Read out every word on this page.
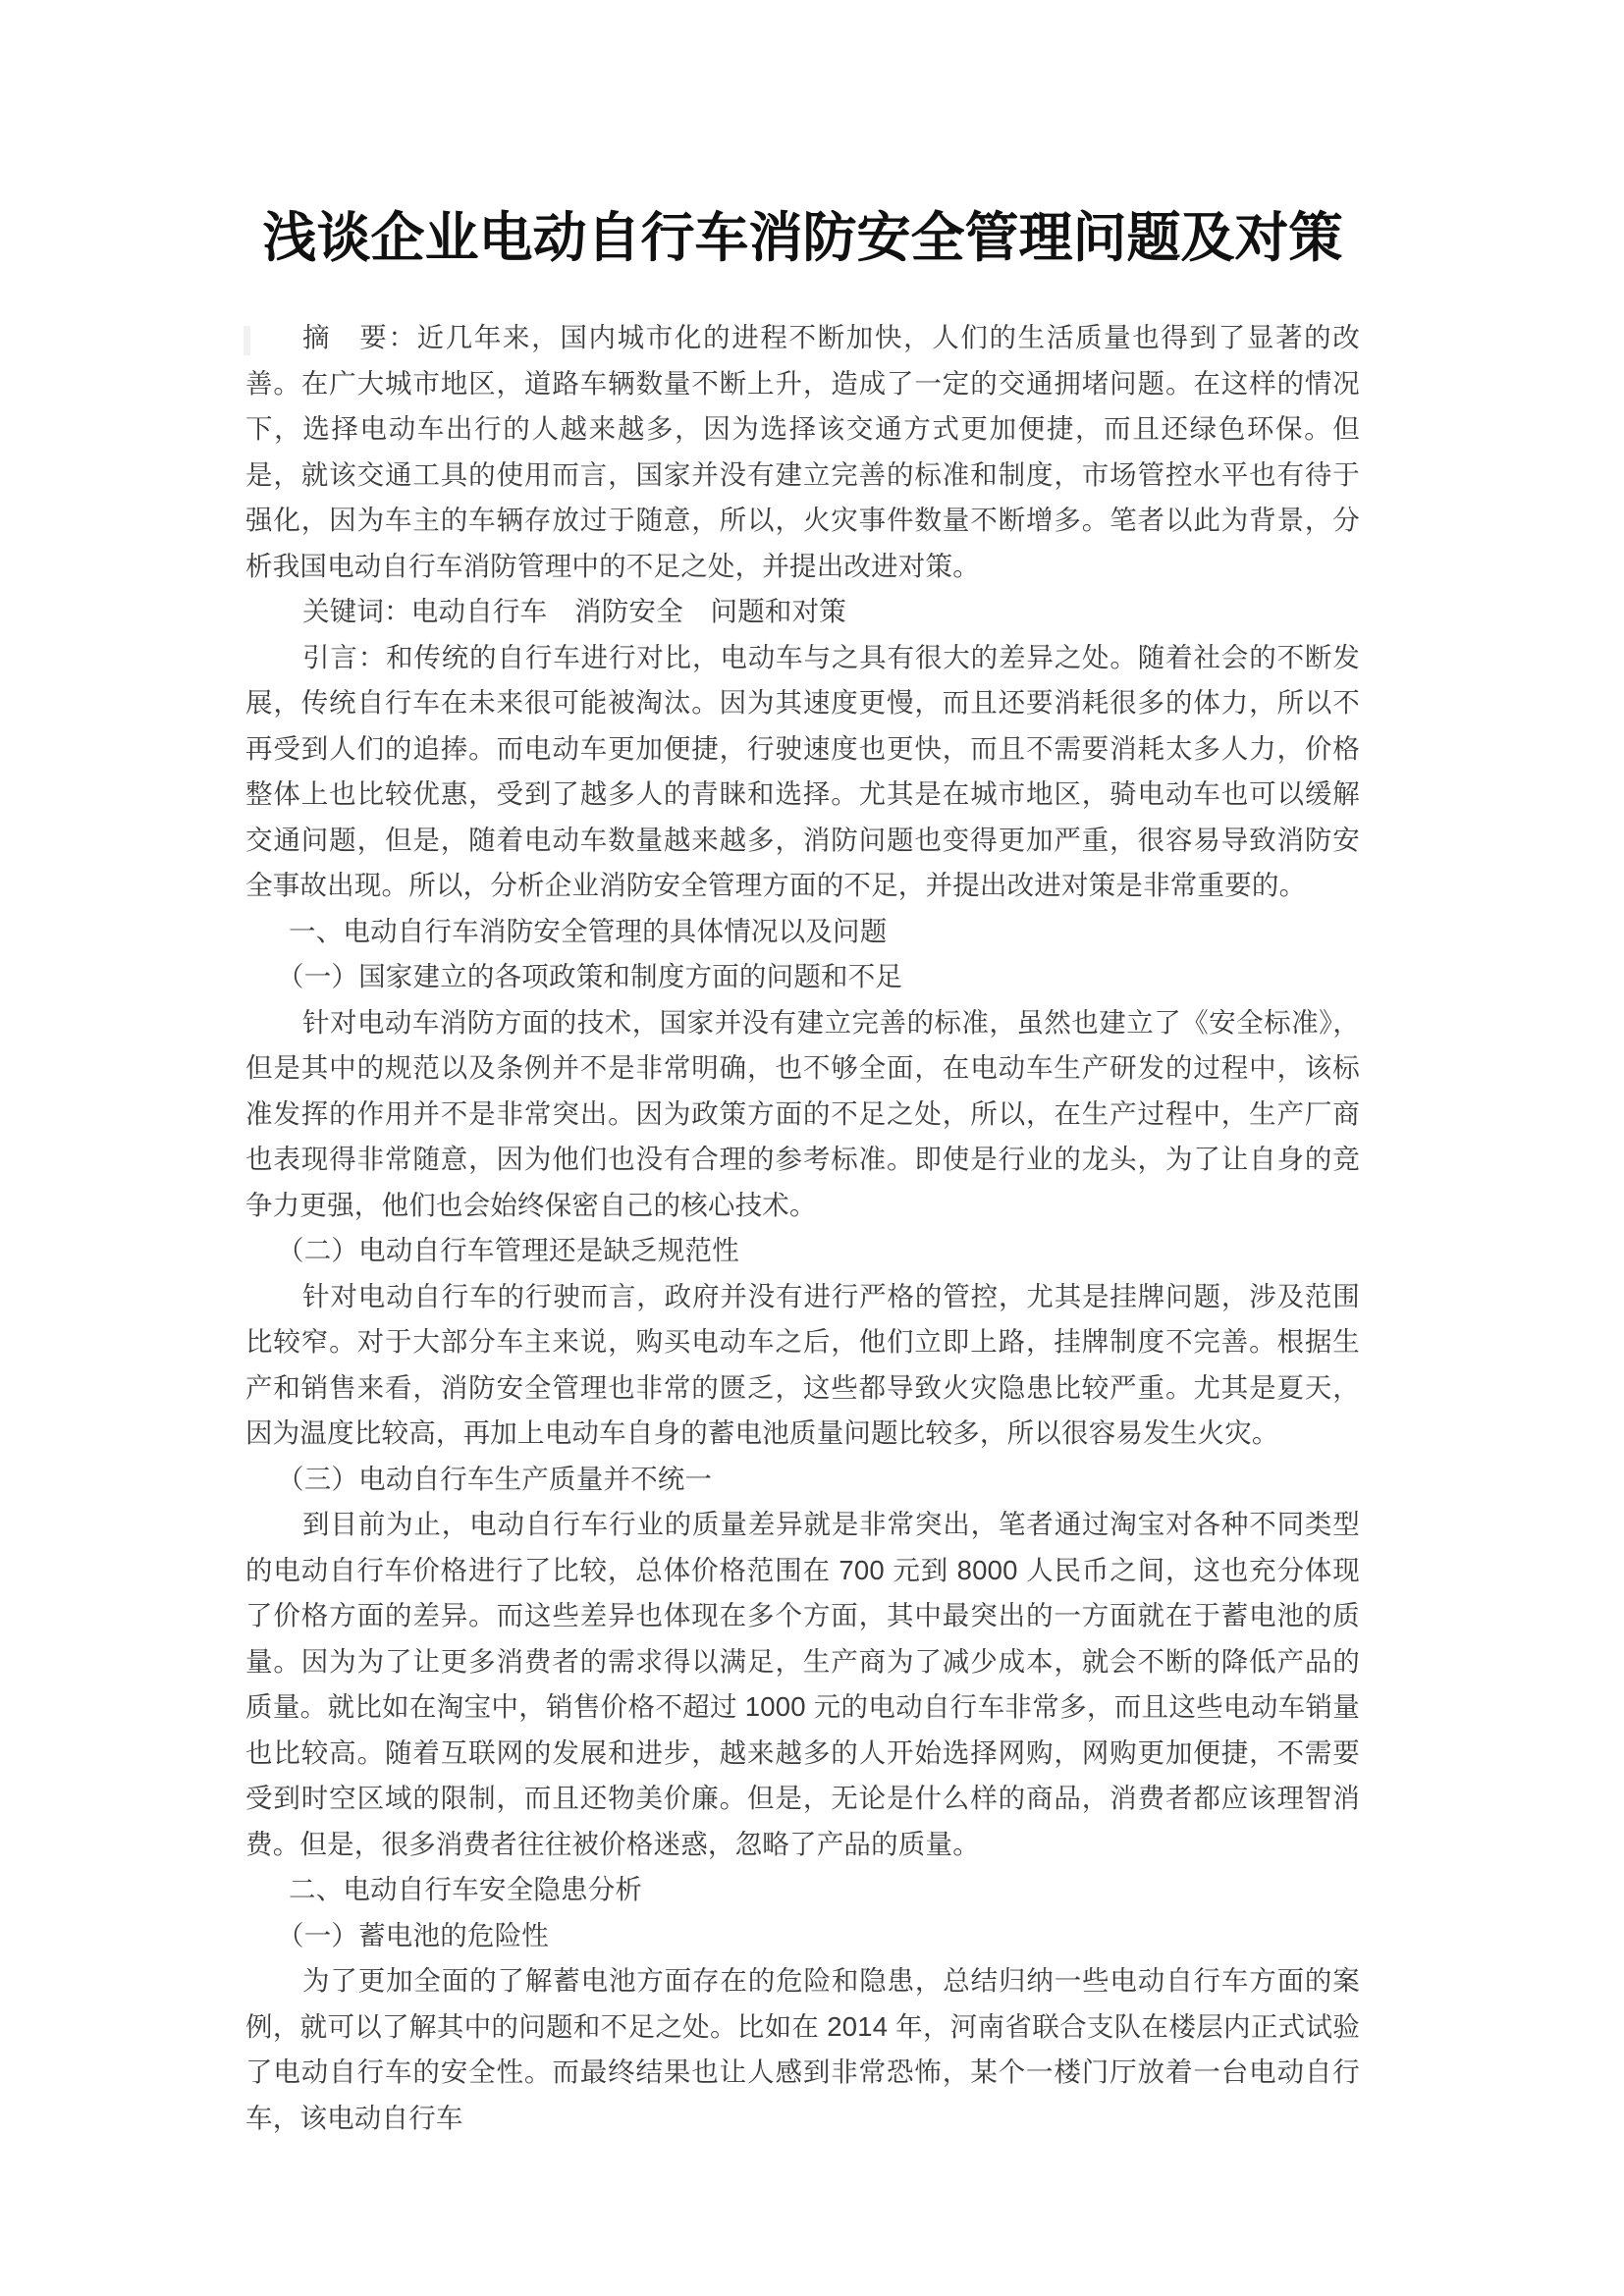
浅谈企业电动自行车消防安全管理问题及对策

摘　要：近几年来，国内城市化的进程不断加快，人们的生活质量也得到了显著的改善。在广大城市地区，道路车辆数量不断上升，造成了一定的交通拥堵问题。在这样的情况下，选择电动车出行的人越来越多，因为选择该交通方式更加便捷，而且还绿色环保。但是，就该交通工具的使用而言，国家并没有建立完善的标准和制度，市场管控水平也有待于强化，因为车主的车辆存放过于随意，所以，火灾事件数量不断增多。笔者以此为背景，分析我国电动自行车消防管理中的不足之处，并提出改进对策。

关键词：电动自行车　消防安全　问题和对策

引言：和传统的自行车进行对比，电动车与之具有很大的差异之处。随着社会的不断发展，传统自行车在未来很可能被淘汰。因为其速度更慢，而且还要消耗很多的体力，所以不再受到人们的追捧。而电动车更加便捷，行驶速度也更快，而且不需要消耗太多人力，价格整体上也比较优惠，受到了越多人的青睐和选择。尤其是在城市地区，骑电动车也可以缓解交通问题，但是，随着电动车数量越来越多，消防问题也变得更加严重，很容易导致消防安全事故出现。所以，分析企业消防安全管理方面的不足，并提出改进对策是非常重要的。

一、电动自行车消防安全管理的具体情况以及问题

（一）国家建立的各项政策和制度方面的问题和不足

针对电动车消防方面的技术，国家并没有建立完善的标准，虽然也建立了《安全标准》，但是其中的规范以及条例并不是非常明确，也不够全面，在电动车生产研发的过程中，该标准发挥的作用并不是非常突出。因为政策方面的不足之处，所以，在生产过程中，生产厂商也表现得非常随意，因为他们也没有合理的参考标准。即使是行业的龙头，为了让自身的竞争力更强，他们也会始终保密自己的核心技术。

（二）电动自行车管理还是缺乏规范性

针对电动自行车的行驶而言，政府并没有进行严格的管控，尤其是挂牌问题，涉及范围比较窄。对于大部分车主来说，购买电动车之后，他们立即上路，挂牌制度不完善。根据生产和销售来看，消防安全管理也非常的匮乏，这些都导致火灾隐患比较严重。尤其是夏天，因为温度比较高，再加上电动车自身的蓄电池质量问题比较多，所以很容易发生火灾。

（三）电动自行车生产质量并不统一

到目前为止，电动自行车行业的质量差异就是非常突出，笔者通过淘宝对各种不同类型的电动自行车价格进行了比较，总体价格范围在 700 元到 8000 人民币之间，这也充分体现了价格方面的差异。而这些差异也体现在多个方面，其中最突出的一方面就在于蓄电池的质量。因为为了让更多消费者的需求得以满足，生产商为了减少成本，就会不断的降低产品的质量。就比如在淘宝中，销售价格不超过 1000 元的电动自行车非常多，而且这些电动车销量也比较高。随着互联网的发展和进步，越来越多的人开始选择网购，网购更加便捷，不需要受到时空区域的限制，而且还物美价廉。但是，无论是什么样的商品，消费者都应该理智消费。但是，很多消费者往往被价格迷惑，忽略了产品的质量。

二、电动自行车安全隐患分析

（一）蓄电池的危险性

为了更加全面的了解蓄电池方面存在的危险和隐患，总结归纳一些电动自行车方面的案例，就可以了解其中的问题和不足之处。比如在 2014 年，河南省联合支队在楼层内正式试验了电动自行车的安全性。而最终结果也让人感到非常恐怖，某个一楼门厅放着一台电动自行车，该电动自行车
